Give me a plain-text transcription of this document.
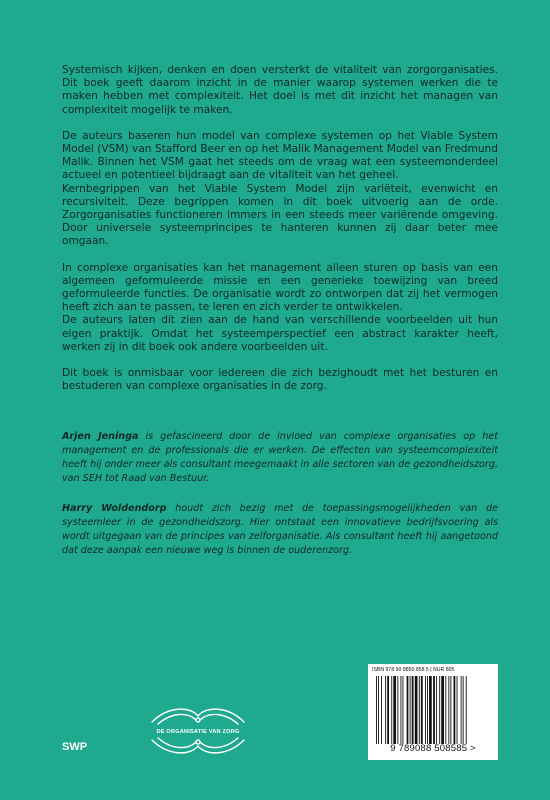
Systemisch kijken, denken en doen versterkt de vitaliteit van zorgorganisaties. Dit boek geeft daarom inzicht in de manier waarop systemen werken die te maken hebben met complexiteit. Het doel is met dit inzicht het managen van complexiteit mogelijk te maken.

De auteurs baseren hun model van complexe systemen op het Viable System Model (VSM) van Stafford Beer en op het Malik Management Model van Fredmund Malik. Binnen het VSM gaat het steeds om de vraag wat een systeemonderdeel actueel en potentieel bijdraagt aan de vitaliteit van het geheel.

Kernbegrippen van het Viable System Model zijn variëteit, evenwicht en recursiviteit. Deze begrippen komen in dit boek uitvoerig aan de orde. Zorgorganisaties functioneren immers in een steeds meer variërende omgeving. Door universele systeemprincipes te hanteren kunnen zij daar beter mee omgaan.

In complexe organisaties kan het management alleen sturen op basis van een algemeen geformuleerde missie en een generieke toewijzing van breed geformuleerde functies. De organisatie wordt zo ontworpen dat zij het vermogen heeft zich aan te passen, te leren en zich verder te ontwikkelen.

De auteurs laten dit zien aan de hand van verschillende voorbeelden uit hun eigen praktijk. Omdat het systeemperspectief een abstract karakter heeft, werken zij in dit boek ook andere voorbeelden uit.

Dit boek is onmisbaar voor iedereen die zich bezighoudt met het besturen en bestuderen van complexe organisaties in de zorg.

Arjen Jeninga is gefascineerd door de invloed van complexe organisaties op het management en de professionals die er werken. De effecten van systeemcomplexiteit heeft hij onder meer als consultant meegemaakt in alle sectoren van de gezondheidszorg, van SEH tot Raad van Bestuur.

Harry Woldendorp houdt zich bezig met de toepassingsmogelijkheden van de systeemleer in de gezondheidszorg. Hier ontstaat een innovatieve bedrijfsvoering als wordt uitgegaan van de principes van zelforganisatie. Als consultant heeft hij aangetoond dat deze aanpak een nieuwe weg is binnen de ouderenzorg.

DE ORGANISATIE VAN ZORG
SWP
ISBN 978 90 8850 858 5 | NUR 805
9 789088 508585 >
www.swpboek.com
